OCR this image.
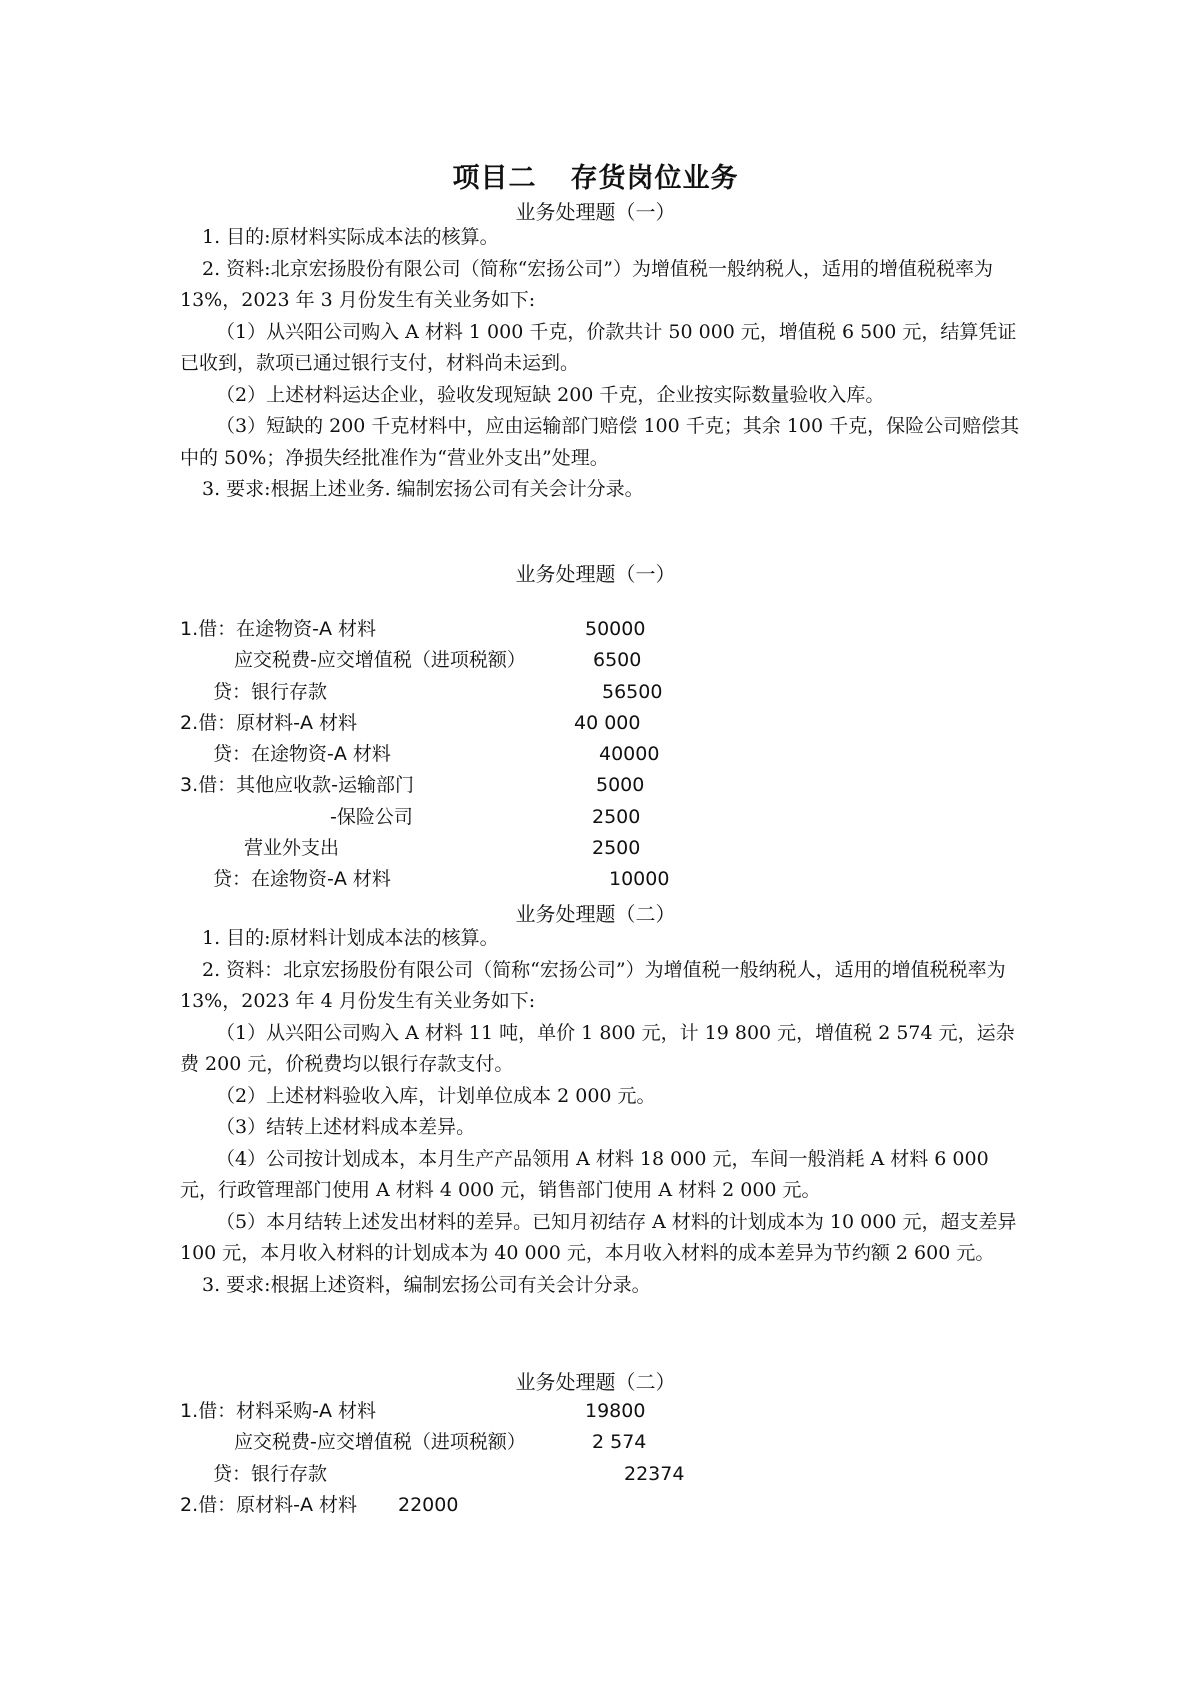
项目二 存货岗位业务
业务处理题（一）

1. 目的:原材料实际成本法的核算。

2. 资料:北京宏扬股份有限公司（简称“宏扬公司”）为增值税一般纳税人，适用的增值税税率为 13%，2023 年 3 月份发生有关业务如下:

（1）从兴阳公司购入 A 材料 1 000 千克，价款共计 50 000 元，增值税 6 500 元，结算凭证已收到，款项已通过银行支付，材料尚未运到。

（2）上述材料运达企业，验收发现短缺 200 千克，企业按实际数量验收入库。

（3）短缺的 200 千克材料中，应由运输部门赔偿 100 千克；其余 100 千克，保险公司赔偿其中的 50%；净损失经批准作为“营业外支出”处理。

3. 要求:根据上述业务. 编制宏扬公司有关会计分录。

业务处理题（一）
1.借：在途物资-A 材料	50000
应交税费-应交增值税（进项税额）	6500
贷：银行存款	56500
2.借：原材料-A 材料	40 000
贷：在途物资-A 材料	40000
3.借：其他应收款-运输部门	5000
-保险公司	2500
营业外支出	2500
贷：在途物资-A 材料	10000
业务处理题（二）

1. 目的:原材料计划成本法的核算。

2. 资料：北京宏扬股份有限公司（简称“宏扬公司”）为增值税一般纳税人，适用的增值税税率为 13%，2023 年 4 月份发生有关业务如下:

（1）从兴阳公司购入 A 材料 11 吨，单价 1 800 元，计 19 800 元，增值税 2 574 元，运杂费 200 元，价税费均以银行存款支付。

（2）上述材料验收入库，计划单位成本 2 000 元。

（3）结转上述材料成本差异。

（4）公司按计划成本，本月生产产品领用 A 材料 18 000 元，车间一般消耗 A 材料 6 000 元，行政管理部门使用 A 材料 4 000 元，销售部门使用 A 材料 2 000 元。

（5）本月结转上述发出材料的差异。已知月初结存 A 材料的计划成本为 10 000 元，超支差异 100 元，本月收入材料的计划成本为 40 000 元，本月收入材料的成本差异为节约额 2 600 元。

3. 要求:根据上述资料，编制宏扬公司有关会计分录。

业务处理题（二）
1.借：材料采购-A 材料	19800
应交税费-应交增值税（进项税额）	2 574
贷：银行存款	22374
2.借：原材料-A 材料 22000
